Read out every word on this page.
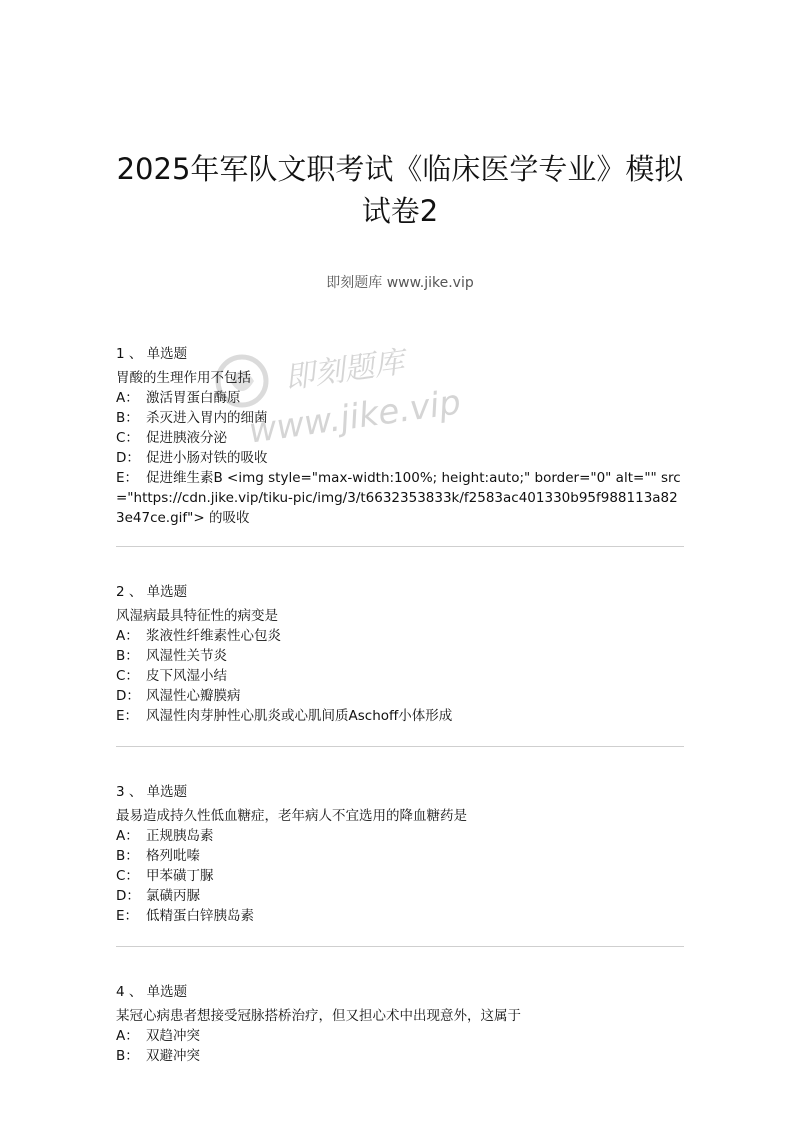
2025年军队文职考试《临床医学专业》模拟
试卷2
即刻题库 www.jike.vip
即刻题库
www.jike.vip
1 、 单选题
胃酸的生理作用不包括
A： 激活胃蛋白酶原
B： 杀灭进入胃内的细菌
C： 促进胰液分泌
D： 促进小肠对铁的吸收
E： 促进维生素B <img style="max-width:100%; height:auto;" border="0" alt="" src="https://cdn.jike.vip/tiku-pic/img/3/t6632353833k/f2583ac401330b95f988113a823e47ce.gif"> 的吸收
2 、 单选题
风湿病最具特征性的病变是
A： 浆液性纤维素性心包炎
B： 风湿性关节炎
C： 皮下风湿小结
D： 风湿性心瓣膜病
E： 风湿性肉芽肿性心肌炎或心肌间质Aschoff小体形成
3 、 单选题
最易造成持久性低血糖症，老年病人不宜选用的降血糖药是
A： 正规胰岛素
B： 格列吡嗪
C： 甲苯磺丁脲
D： 氯磺丙脲
E： 低精蛋白锌胰岛素
4 、 单选题
某冠心病患者想接受冠脉搭桥治疗，但又担心术中出现意外，这属于
A： 双趋冲突
B： 双避冲突
